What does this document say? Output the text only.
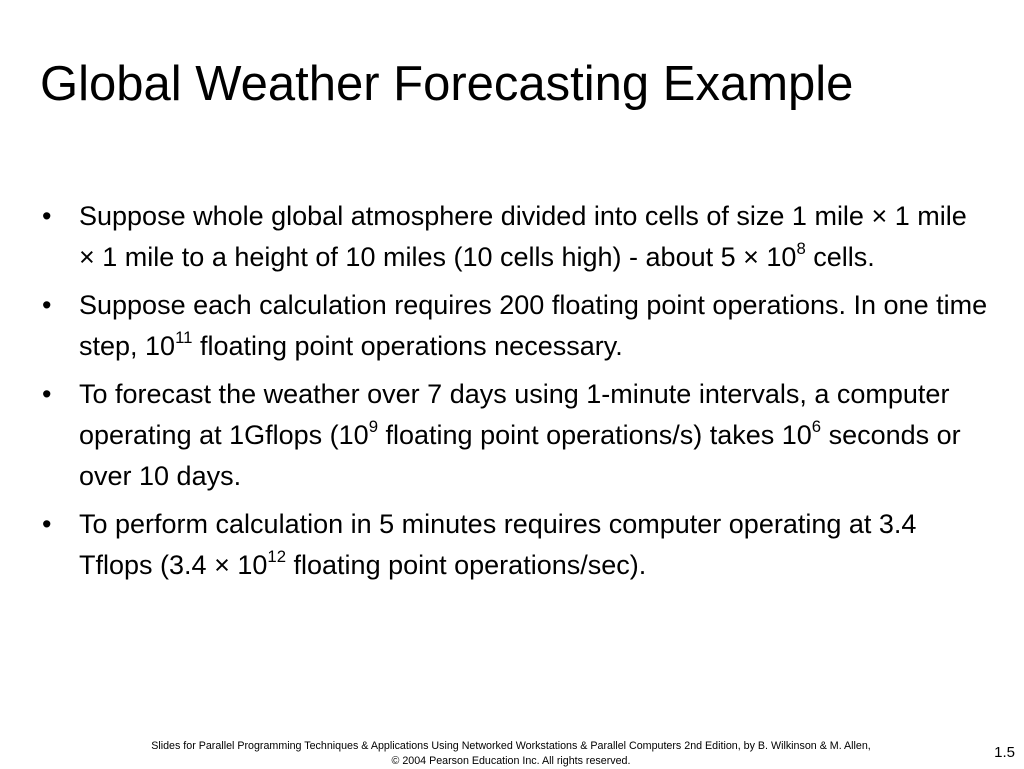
Global Weather Forecasting Example
•	Suppose whole global atmosphere divided into cells of size 1 mile × 1 mile × 1 mile to a height of 10 miles (10 cells high) - about $5 \times 10^8$ cells.
•	Suppose each calculation requires 200 floating point operations. In one time step, $10^{11}$ floating point operations necessary.
•	To forecast the weather over 7 days using 1-minute intervals, a computer operating at 1Gflops ($10^9$ floating point operations/s) takes $10^6$ seconds or over 10 days.
•	To perform calculation in 5 minutes requires computer operating at 3.4 Tflops ($3.4 \times 10^{12}$ floating point operations/sec).
Slides for Parallel Programming Techniques & Applications Using Networked Workstations & Parallel Computers 2nd Edition, by B. Wilkinson & M. Allen,
© 2004 Pearson Education Inc. All rights reserved.	1.5
